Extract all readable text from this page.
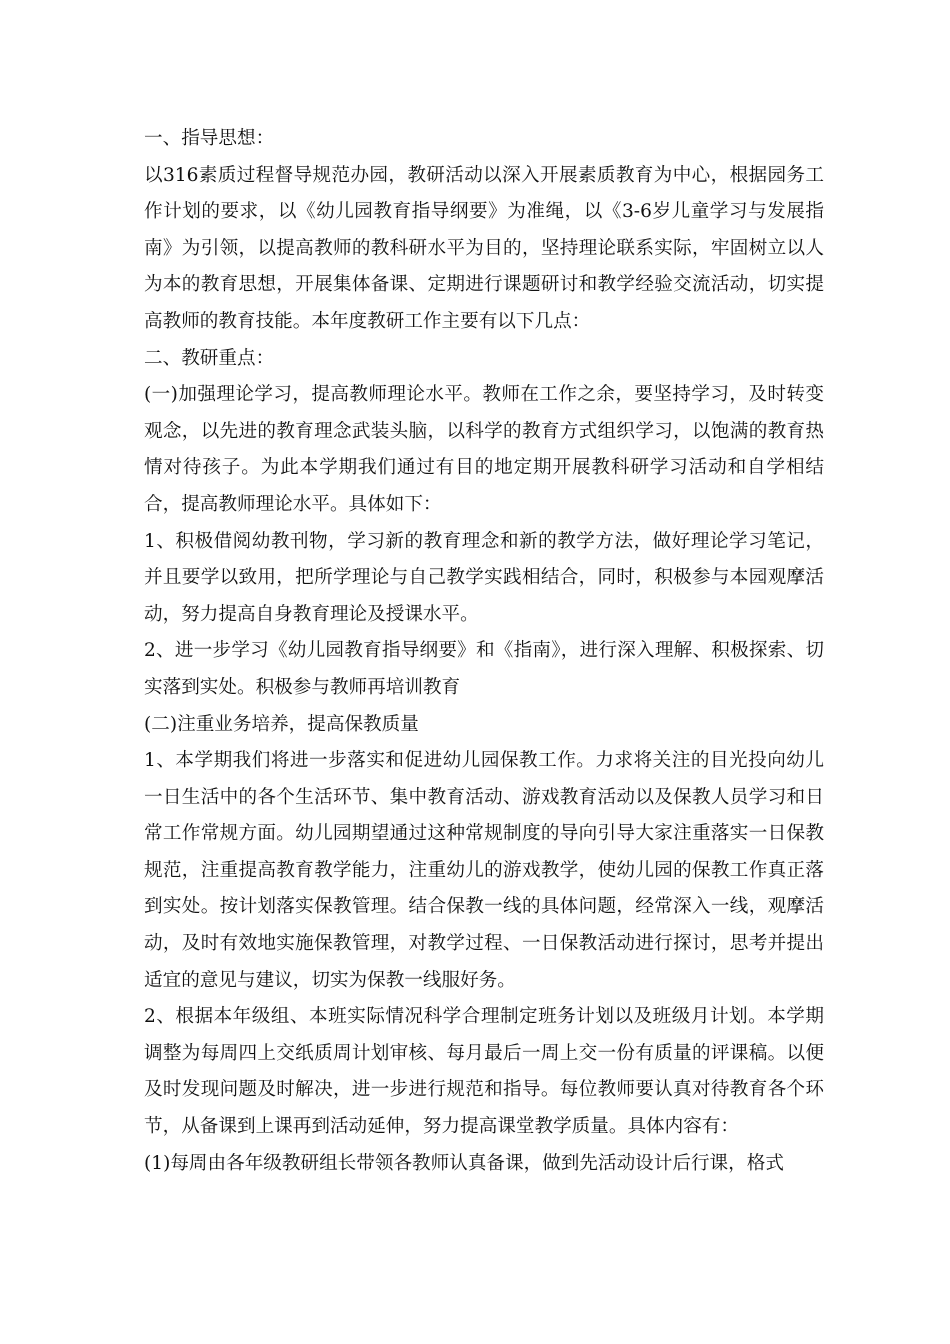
一、指导思想：

以316素质过程督导规范办园，教研活动以深入开展素质教育为中心，根据园务工作计划的要求，以《幼儿园教育指导纲要》为准绳，以《3-6岁儿童学习与发展指南》为引领，以提高教师的教科研水平为目的，坚持理论联系实际，牢固树立以人为本的教育思想，开展集体备课、定期进行课题研讨和教学经验交流活动，切实提高教师的教育技能。本年度教研工作主要有以下几点：

二、教研重点：

(一)加强理论学习，提高教师理论水平。教师在工作之余，要坚持学习，及时转变观念，以先进的教育理念武装头脑，以科学的教育方式组织学习，以饱满的教育热情对待孩子。为此本学期我们通过有目的地定期开展教科研学习活动和自学相结合，提高教师理论水平。具体如下：

1、积极借阅幼教刊物，学习新的教育理念和新的教学方法，做好理论学习笔记，并且要学以致用，把所学理论与自己教学实践相结合，同时，积极参与本园观摩活动，努力提高自身教育理论及授课水平。

2、进一步学习《幼儿园教育指导纲要》和《指南》，进行深入理解、积极探索、切实落到实处。积极参与教师再培训教育

(二)注重业务培养，提高保教质量

1、本学期我们将进一步落实和促进幼儿园保教工作。力求将关注的目光投向幼儿一日生活中的各个生活环节、集中教育活动、游戏教育活动以及保教人员学习和日常工作常规方面。幼儿园期望通过这种常规制度的导向引导大家注重落实一日保教规范，注重提高教育教学能力，注重幼儿的游戏教学，使幼儿园的保教工作真正落到实处。按计划落实保教管理。结合保教一线的具体问题，经常深入一线，观摩活动，及时有效地实施保教管理，对教学过程、一日保教活动进行探讨，思考并提出适宜的意见与建议，切实为保教一线服好务。

2、根据本年级组、本班实际情况科学合理制定班务计划以及班级月计划。本学期调整为每周四上交纸质周计划审核、每月最后一周上交一份有质量的评课稿。以便及时发现问题及时解决，进一步进行规范和指导。每位教师要认真对待教育各个环节，从备课到上课再到活动延伸，努力提高课堂教学质量。具体内容有：

(1)每周由各年级教研组长带领各教师认真备课，做到先活动设计后行课，格式
